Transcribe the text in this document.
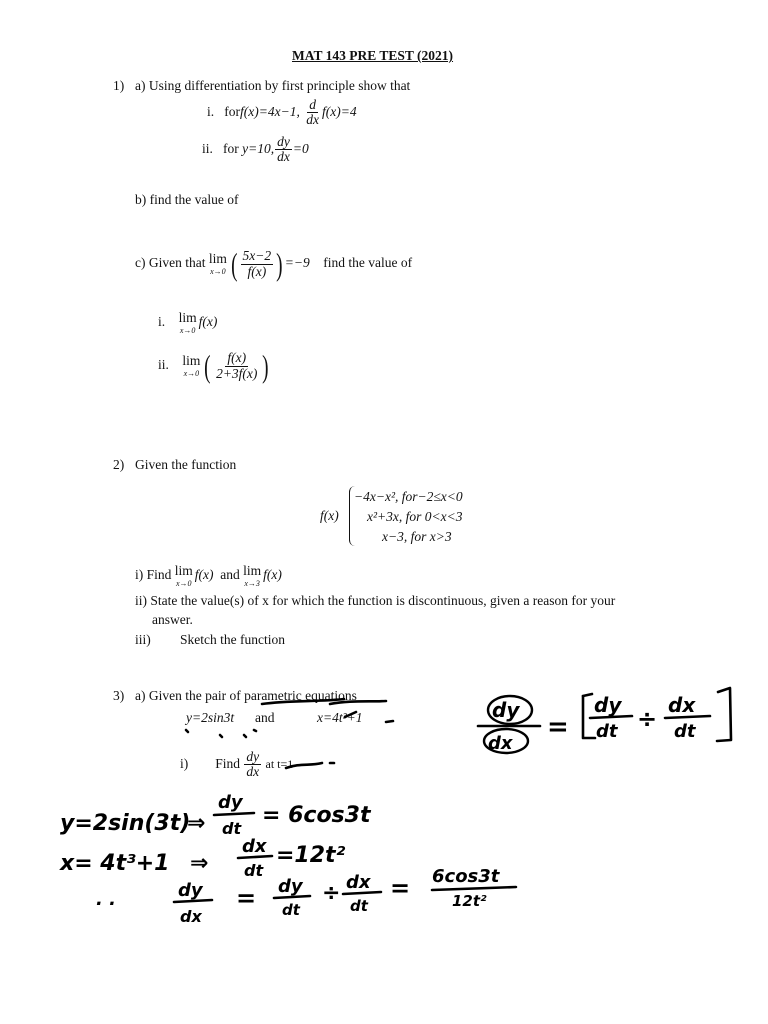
MAT 143 PRE TEST (2021)
1) a) Using differentiation by first principle show that
i. forf(x)=4x−1, $\frac{d}{dx} f(x)=4$
ii. for y=10, $\frac{dy}{dx} =0$
b) find the value of
c) Given that lim
x→0 ( $\frac{5x-2}{f(x)}$ ) =−9 find the value of
i. lim
x→0
f(x)
ii. lim
x→0 ( $\frac{f(x)}{2+3f(x)}$ )
2) Given the function
f(x)
−4x−x², for−2≤x<0
x²+3x, for 0<x<3
x−3, for x>3
i) Find lim
x→0
f(x) and lim
x→3
f(x)
ii) State the value(s) of x for which the function is discontinuous, given a reason for your
answer.
iii) Sketch the function
3) a) Given the pair of parametric equations
y=2sin3t and	x=4t³+1
i) Find $\frac{dy}{dx}$ at t=1
dy
dx
=
dy
dt ÷ dx
dt
y=2sin(3t)
⇒
dy
dt
= 6cos3t
x= 4t³+1 ⇒
dx
dt
=12t²
. .	dy
dx
= dy
dt
÷ dx
dt
= 6cos3t
12t²
